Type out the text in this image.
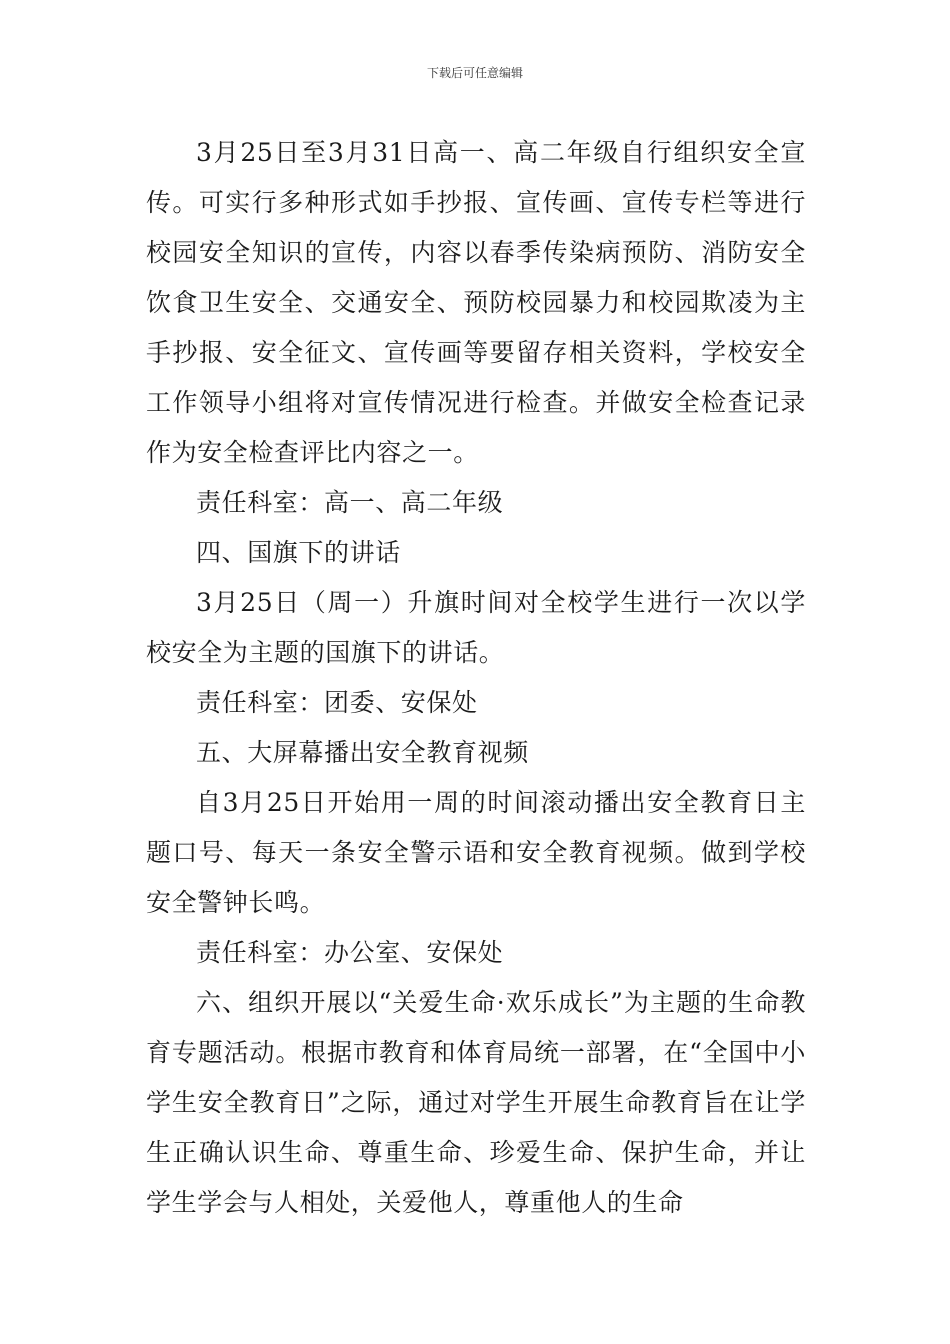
下载后可任意编辑

3月25日至3月31日高一、高二年级自行组织安全宣传。可实行多种形式如手抄报、宣传画、宣传专栏等进行校园安全知识的宣传，内容以春季传染病预防、消防安全饮食卫生安全、交通安全、预防校园暴力和校园欺凌为主手抄报、安全征文、宣传画等要留存相关资料，学校安全工作领导小组将对宣传情况进行检查。并做安全检查记录作为安全检查评比内容之一。

责任科室：高一、高二年级

四、国旗下的讲话

3月25日（周一）升旗时间对全校学生进行一次以学校安全为主题的国旗下的讲话。

责任科室：团委、安保处

五、大屏幕播出安全教育视频

自3月25日开始用一周的时间滚动播出安全教育日主题口号、每天一条安全警示语和安全教育视频。做到学校安全警钟长鸣。

责任科室：办公室、安保处

六、组织开展以“关爱生命·欢乐成长”为主题的生命教育专题活动。根据市教育和体育局统一部署，在“全国中小学生安全教育日”之际，通过对学生开展生命教育旨在让学生正确认识生命、尊重生命、珍爱生命、保护生命，并让学生学会与人相处，关爱他人，尊重他人的生命
